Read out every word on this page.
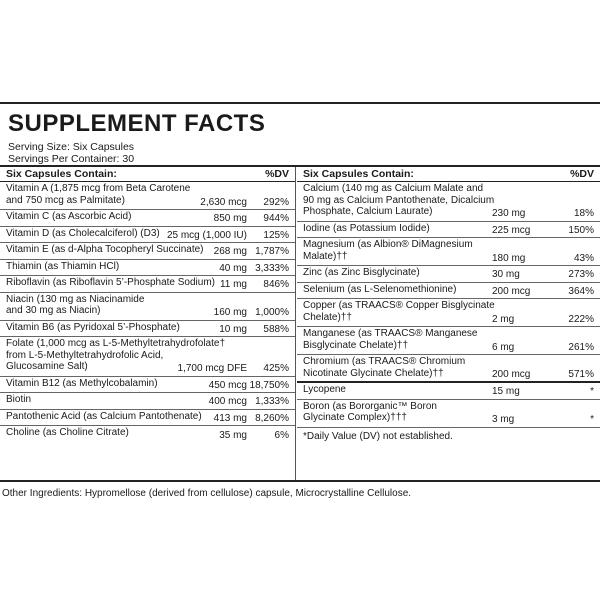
SUPPLEMENT FACTS
Serving Size: Six Capsules
Servings Per Container: 30
Six Capsules Contain:	%DV
Vitamin A (1,875 mcg from Beta Carotene
and 750 mcg as Palmitate)	2,630 mcg 292%
Vitamin C (as Ascorbic Acid)	850 mg 944%
Vitamin D (as Cholecalciferol) (D3) 25 mcg (1,000 IU) 125%
Vitamin E (as d-Alpha Tocopheryl Succinate) 268 mg 1,787%
Thiamin (as Thiamin HCl)	40 mg 3,333%
Riboflavin (as Riboflavin 5’-Phosphate Sodium) 11 mg 846%
Niacin (130 mg as Niacinamide
and 30 mg as Niacin)	160 mg 1,000%
Vitamin B6 (as Pyridoxal 5’-Phosphate)	10 mg 588%
Folate (1,000 mcg as L-5-Methyltetrahydrofolate†
from L-5-Methyltetrahydrofolic Acid,
Glucosamine Salt)	1,700 mcg DFE 425%
Vitamin B12 (as Methylcobalamin)	450 mcg 18,750%
Biotin	400 mcg 1,333%
Pantothenic Acid (as Calcium Pantothenate) 413 mg 8,260%
Choline (as Choline Citrate)	35 mg	6%
Six Capsules Contain:	%DV
Calcium (140 mg as Calcium Malate and
90 mg as Calcium Pantothenate, Dicalcium
Phosphate, Calcium Laurate)	230 mg	18%
Iodine (as Potassium Iodide)	225 mcg	150%
Magnesium (as Albion® DiMagnesium
Malate)††	180 mg	43%
Zinc (as Zinc Bisglycinate)	30 mg	273%
Selenium (as L-Selenomethionine)	200 mcg	364%
Copper (as TRAACS® Copper Bisglycinate
Chelate)††	2 mg	222%
Manganese (as TRAACS® Manganese
Bisglycinate Chelate)††	6 mg	261%
Chromium (as TRAACS® Chromium
Nicotinate Glycinate Chelate)††	200 mcg	571%
Lycopene	15 mg	*
Boron (as Bororganic™ Boron
Glycinate Complex)†††	3 mg	*
*Daily Value (DV) not established.
Other Ingredients: Hypromellose (derived from cellulose) capsule, Microcrystalline Cellulose.
